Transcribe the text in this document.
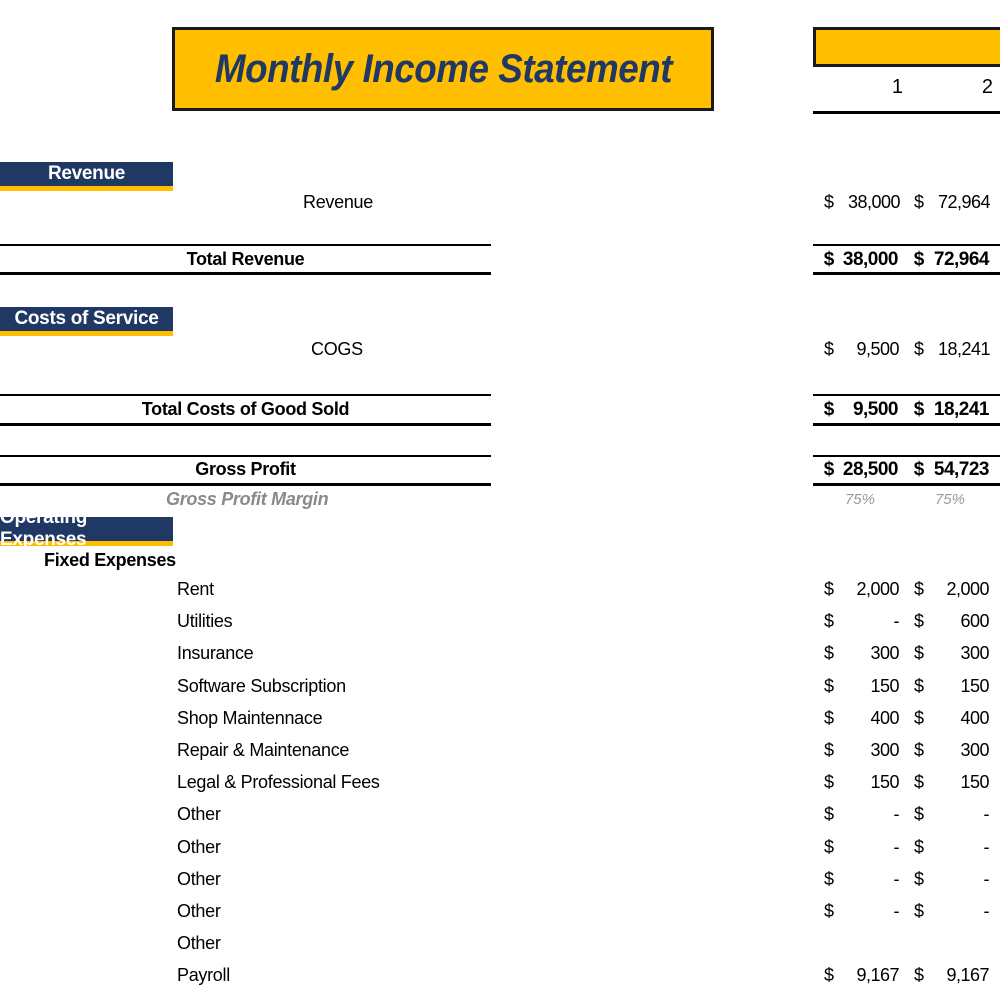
Monthly Income Statement	1	2
Revenue
Revenue	$ 38,000 $ 72,964
Total Revenue	$ 38,000 $ 72,964
Costs of Service
COGS	$	9,500 $ 18,241
Total Costs of Good Sold	$ 9,500 $ 18,241
Gross Profit	$ 28,500 $ 54,723
Gross Profit Margin	75%	75%
Operating Expenses
Fixed Expenses
Rent	$	2,000 $	2,000
Utilities	$	- $	600
Insurance	$	300 $	300
Software Subscription	$	150 $	150
Shop Maintennace	$	400 $	400
Repair & Maintenance	$	300 $	300
Legal & Professional Fees	$	150 $	150
Other	$	- $	-
Other	$	- $	-
Other	$	- $	-
Other	$	- $	-
Other
Payroll	$	9,167 $	9,167
